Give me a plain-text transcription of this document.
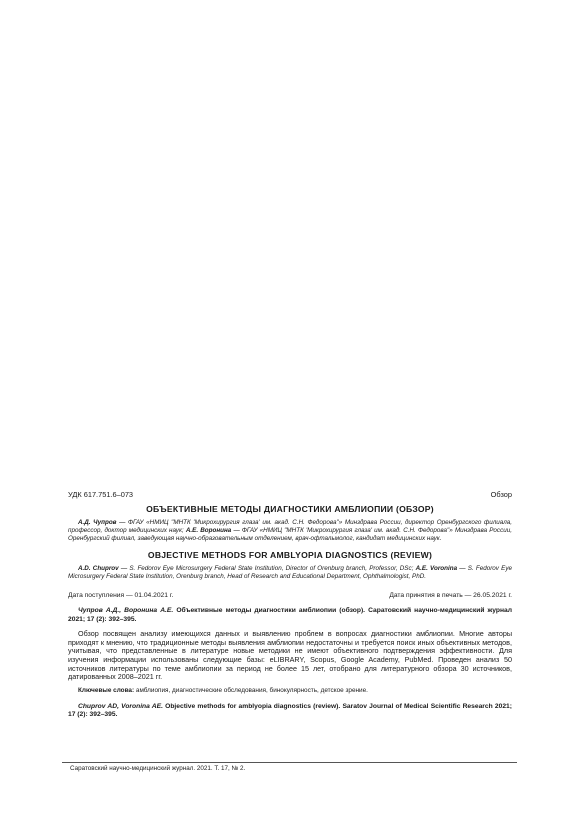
УДК 617.751.6–073	Обзор
ОБЪЕКТИВНЫЕ МЕТОДЫ ДИАГНОСТИКИ АМБЛИОПИИ (ОБЗОР)
А.Д. Чупров — ФГАУ «НМИЦ "МНТК 'Микрохирургия глаза' им. акад. С.Н. Федорова"» Минздрава России, директор Оренбургского филиала, профессор, доктор медицинских наук; А.Е. Воронина — ФГАУ «НМИЦ "МНТК 'Микрохирургия глаза' им. акад. С.Н. Федорова"» Минздрава России, Оренбургский филиал, заведующая научно-образовательным отделением, врач-офтальмолог, кандидат медицинских наук.
OBJECTIVE METHODS FOR AMBLYOPIA DIAGNOSTICS (REVIEW)
A.D. Chuprov — S. Fedorov Eye Microsurgery Federal State Institution, Director of Orenburg branch, Professor, DSc; A.E. Voronina — S. Fedorov Eye Microsurgery Federal State Institution, Orenburg branch, Head of Research and Educational Department, Ophthalmologist, PhD.
Дата поступления — 01.04.2021 г.	Дата принятия в печать — 26.05.2021 г.
Чупров А.Д., Воронина А.Е. Объективные методы диагностики амблиопии (обзор). Саратовский научно-медицинский журнал 2021; 17 (2): 392–395.
Обзор посвящен анализу имеющихся данных и выявлению проблем в вопросах диагностики амблиопии. Многие авторы приходят к мнению, что традиционные методы выявления амблиопии недостаточны и требуется поиск иных объективных методов, учитывая, что представленные в литературе новые методики не имеют объективного подтверждения эффективности. Для изучения информации использованы следующие базы: eLIBRARY, Scopus, Google Academy, PubMed. Проведен анализ 50 источников литературы по теме амблиопии за период не более 15 лет, отобрано для литературного обзора 30 источников, датированных 2008–2021 гг.
Ключевые слова: амблиопия, диагностические обследования, бинокулярность, детское зрение.
Chuprov AD, Voronina AE. Objective methods for amblyopia diagnostics (review). Saratov Journal of Medical Scientific Research 2021; 17 (2): 392–395.
Саратовский научно-медицинский журнал. 2021. Т. 17, № 2.
